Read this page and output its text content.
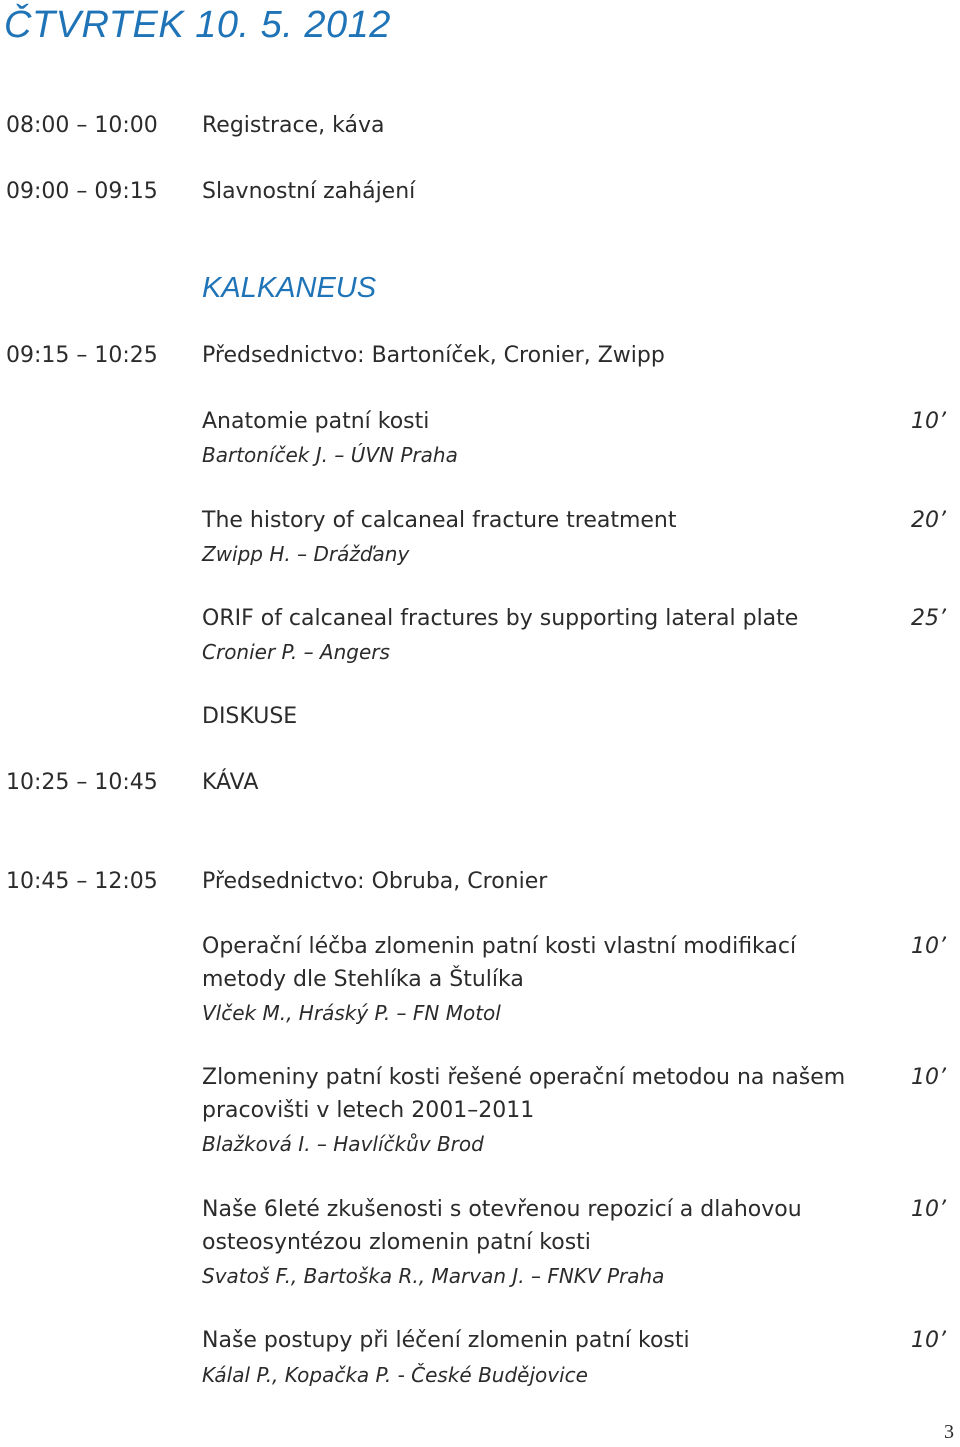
ČTVRTEK 10. 5. 2012
08:00 – 10:00 Registrace, káva
09:00 – 09:15 Slavnostní zahájení
KALKANEUS
09:15 – 10:25 Předsednictvo: Bartoníček, Cronier, Zwipp
Anatomie patní kosti	10’
Bartoníček J. – ÚVN Praha
The history of calcaneal fracture treatment	20’
Zwipp H. – Drážďany
ORIF of calcaneal fractures by supporting lateral plate	25’
Cronier P. – Angers
DISKUSE
10:25 – 10:45 KÁVA
10:45 – 12:05 Předsednictvo: Obruba, Cronier
Operační léčba zlomenin patní kosti vlastní modifikací	10’
metody dle Stehlíka a Štulíka
Vlček M., Hráský P. – FN Motol
Zlomeniny patní kosti řešené operační metodou na našem	10’
pracovišti v letech 2001–2011
Blažková I. – Havlíčkův Brod
Naše 6leté zkušenosti s otevřenou repozicí a dlahovou	10’
osteosyntézou zlomenin patní kosti
Svatoš F., Bartoška R., Marvan J. – FNKV Praha
Naše postupy při léčení zlomenin patní kosti	10’
Kálal P., Kopačka P. - České Budějovice
3
